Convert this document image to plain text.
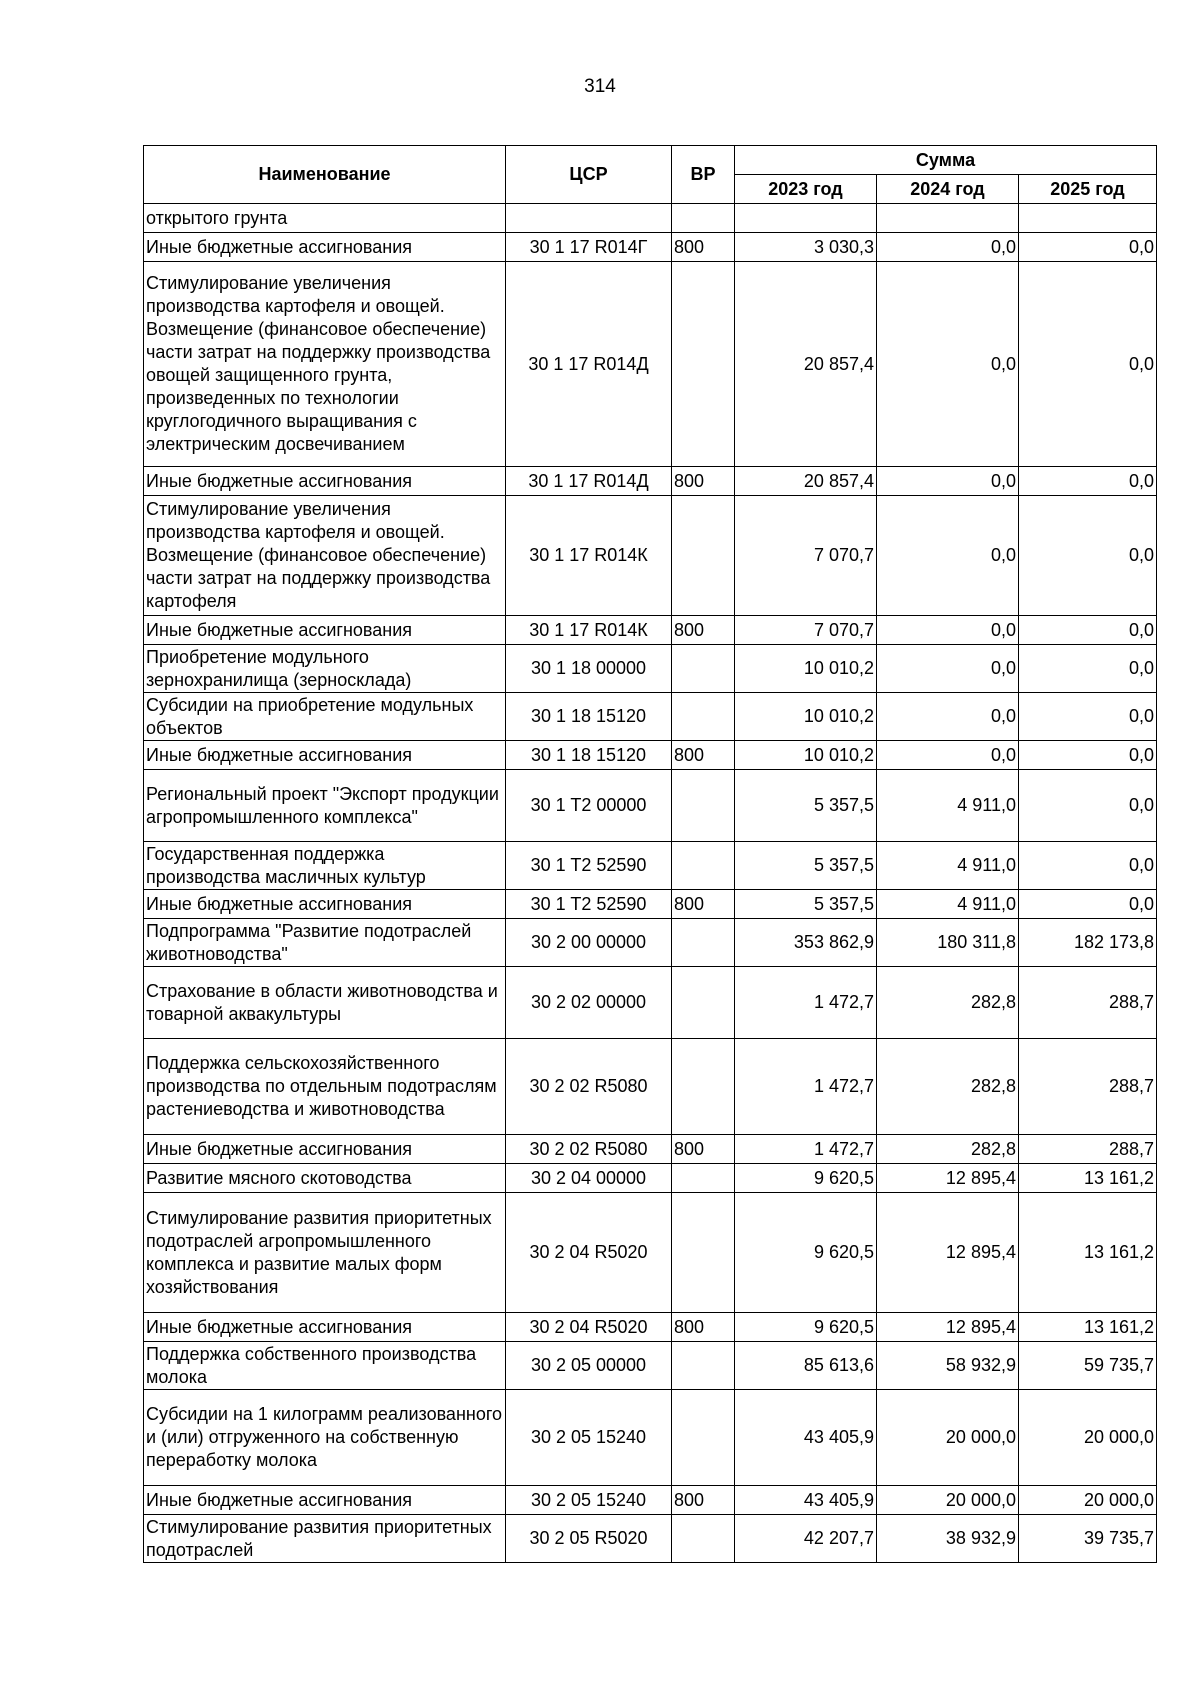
314
Наименование	ЦСР	ВР	Сумма		
			2023 год	2024 год	2025 год
открытого грунта					
Иные бюджетные ассигнования	30 1 17 R014Г	800	3 030,3	0,0	0,0
Стимулирование увеличения производства картофеля и овощей. Возмещение (финансовое обеспечение) части затрат на поддержку производства овощей защищенного грунта, произведенных по технологии круглогодичного выращивания с электрическим досвечиванием	30 1 17 R014Д		20 857,4	0,0	0,0
Иные бюджетные ассигнования	30 1 17 R014Д	800	20 857,4	0,0	0,0
Стимулирование увеличения производства картофеля и овощей. Возмещение (финансовое обеспечение) части затрат на поддержку производства картофеля	30 1 17 R014К		7 070,7	0,0	0,0
Иные бюджетные ассигнования	30 1 17 R014К	800	7 070,7	0,0	0,0
Приобретение модульного зернохранилища (зерносклада)	30 1 18 00000		10 010,2	0,0	0,0
Субсидии на приобретение модульных объектов	30 1 18 15120		10 010,2	0,0	0,0
Иные бюджетные ассигнования	30 1 18 15120	800	10 010,2	0,0	0,0
Региональный проект "Экспорт продукции агропромышленного комплекса"	30 1 T2 00000		5 357,5	4 911,0	0,0
Государственная поддержка производства масличных культур	30 1 T2 52590		5 357,5	4 911,0	0,0
Иные бюджетные ассигнования	30 1 T2 52590	800	5 357,5	4 911,0	0,0
Подпрограмма "Развитие подотраслей животноводства"	30 2 00 00000		353 862,9	180 311,8	182 173,8
Страхование в области животноводства и товарной аквакультуры	30 2 02 00000		1 472,7	282,8	288,7
Поддержка сельскохозяйственного производства по отдельным подотраслям растениеводства и животноводства	30 2 02 R5080		1 472,7	282,8	288,7
Иные бюджетные ассигнования	30 2 02 R5080	800	1 472,7	282,8	288,7
Развитие мясного скотоводства	30 2 04 00000		9 620,5	12 895,4	13 161,2
Стимулирование развития приоритетных подотраслей агропромышленного комплекса и развитие малых форм хозяйствования	30 2 04 R5020		9 620,5	12 895,4	13 161,2
Иные бюджетные ассигнования	30 2 04 R5020	800	9 620,5	12 895,4	13 161,2
Поддержка собственного производства молока	30 2 05 00000		85 613,6	58 932,9	59 735,7
Субсидии на 1 килограмм реализованного и (или) отгруженного на собственную переработку молока	30 2 05 15240		43 405,9	20 000,0	20 000,0
Иные бюджетные ассигнования	30 2 05 15240	800	43 405,9	20 000,0	20 000,0
Стимулирование развития приоритетных подотраслей	30 2 05 R5020		42 207,7	38 932,9	39 735,7
